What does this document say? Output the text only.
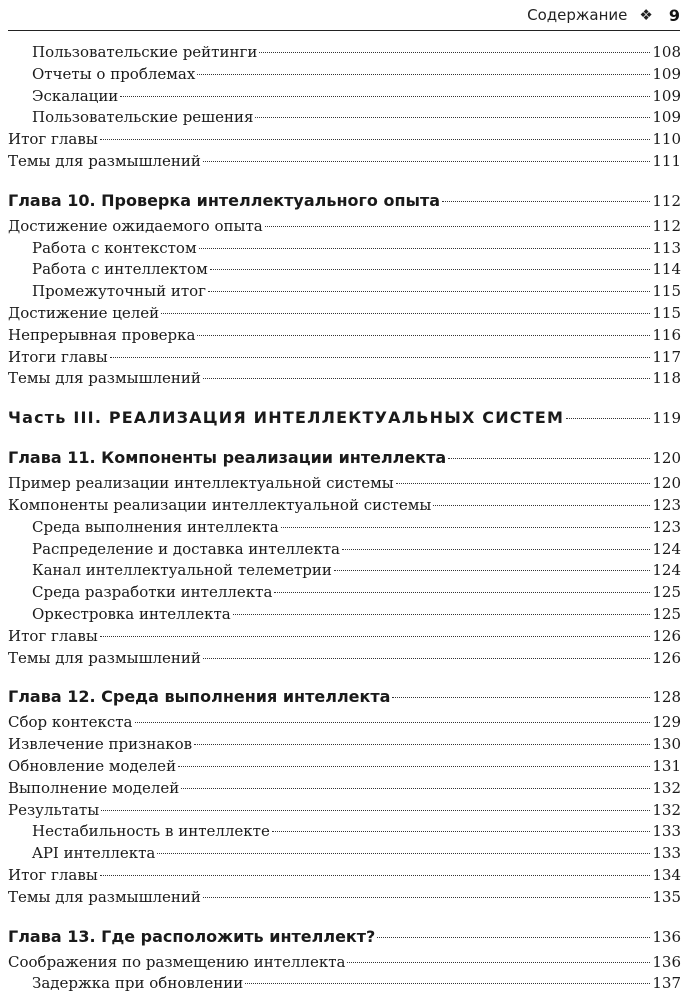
Содержание ❖ 9
Пользовательские рейтинги	108
Отчеты о проблемах	109
Эскалации	109
Пользовательские решения	109
Итог главы	110
Темы для размышлений	111
Глава 10. Проверка интеллектуального опыта	112
Достижение ожидаемого опыта	112
Работа с контекстом	113
Работа с интеллектом	114
Промежуточный итог	115
Достижение целей	115
Непрерывная проверка	116
Итоги главы	117
Темы для размышлений	118
Часть III. РЕАЛИЗАЦИЯ ИНТЕЛЛЕКТУАЛЬНЫХ СИСТЕМ	119
Глава 11. Компоненты реализации интеллекта	120
Пример реализации интеллектуальной системы	120
Компоненты реализации интеллектуальной системы	123
Среда выполнения интеллекта	123
Распределение и доставка интеллекта	124
Канал интеллектуальной телеметрии	124
Среда разработки интеллекта	125
Оркестровка интеллекта	125
Итог главы	126
Темы для размышлений	126
Глава 12. Среда выполнения интеллекта	128
Сбор контекста	129
Извлечение признаков	130
Обновление моделей	131
Выполнение моделей	132
Результаты	132
Нестабильность в интеллекте	133
API интеллекта	133
Итог главы	134
Темы для размышлений	135
Глава 13. Где расположить интеллект?	136
Соображения по размещению интеллекта	136
Задержка при обновлении	137
